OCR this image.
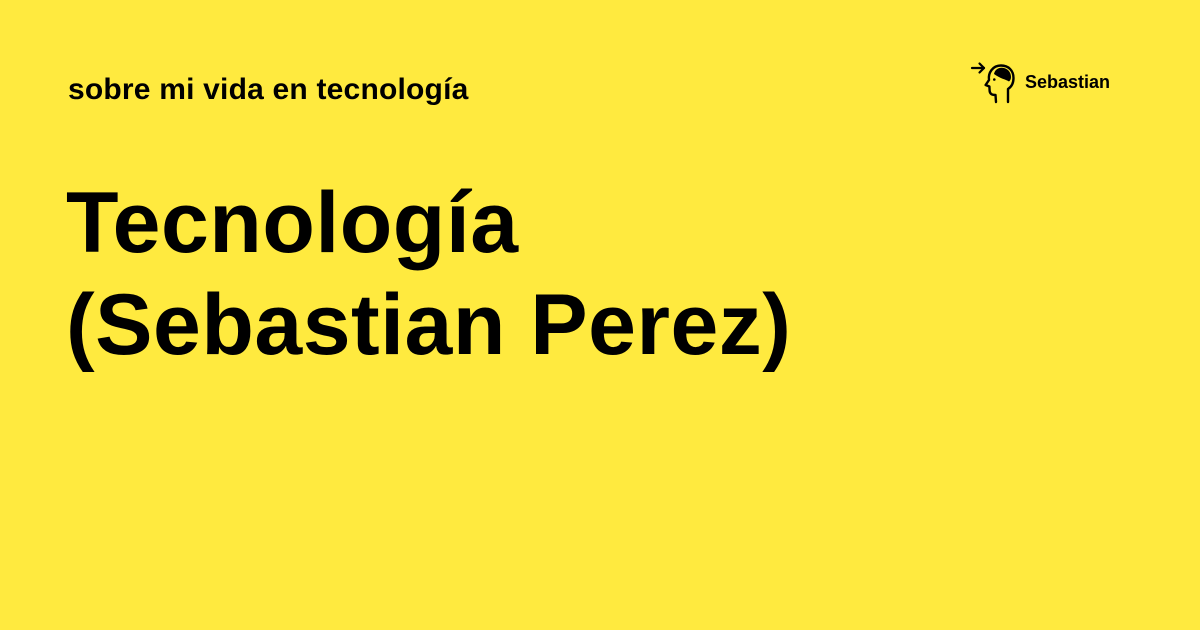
sobre mi vida en tecnología	Sebastian
Tecnología
(Sebastian Perez)
